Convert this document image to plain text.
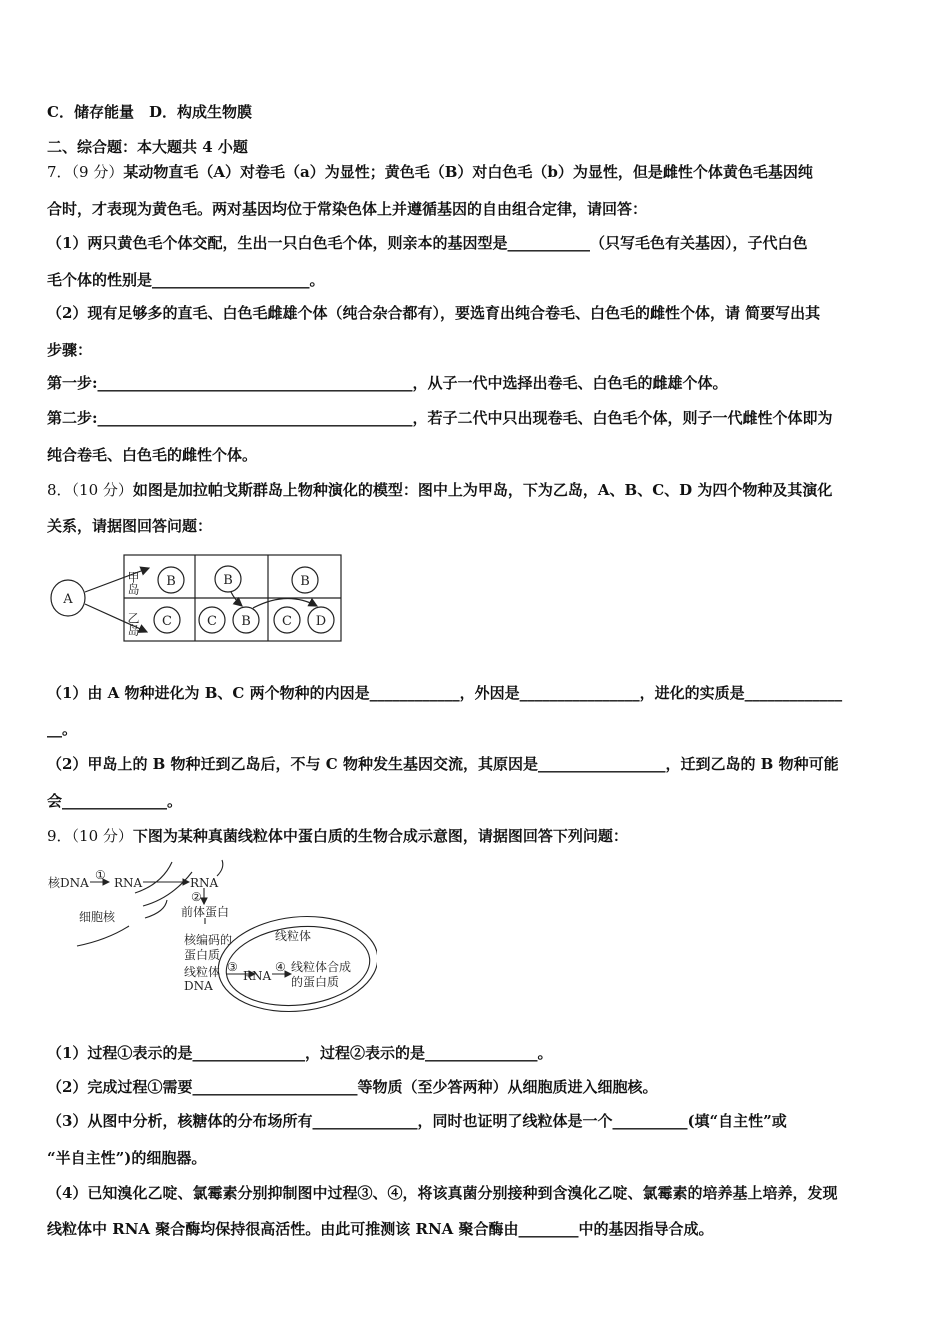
C．储存能量　D．构成生物膜
二、综合题：本大题共 4 小题
7．（9 分）某动物直毛（A）对卷毛（a）为显性；黄色毛（B）对白色毛（b）为显性，但是雌性个体黄色毛基因纯
合时，才表现为黄色毛。两对基因均位于常染色体上并遵循基因的自由组合定律，请回答：
（1）两只黄色毛个体交配，生出一只白色毛个体，则亲本的基因型是___________（只写毛色有关基因），子代白色
毛个体的性别是_____________________。
（2）现有足够多的直毛、白色毛雌雄个体（纯合杂合都有），要选育出纯合卷毛、白色毛的雌性个体，请 简要写出其
步骤：
第一步:__________________________________________，从子一代中选择出卷毛、白色毛的雌雄个体。
第二步:__________________________________________，若子二代中只出现卷毛、白色毛个体，则子一代雌性个体即为
纯合卷毛、白色毛的雌性个体。
8．（10 分）如图是加拉帕戈斯群岛上物种演化的模型：图中上为甲岛，下为乙岛，A、B、C、D 为四个物种及其演化
关系，请据图回答问题：
A
B	B	B
C	C B C D
甲岛
乙岛
（1）由 A 物种进化为 B、C 两个物种的内因是____________，外因是________________，进化的实质是_____________
__。
（2）甲岛上的 B 物种迁到乙岛后，不与 C 物种发生基因交流，其原因是_________________，迁到乙岛的 B 物种可能
会______________。
9．（10 分）下图为某种真菌线粒体中蛋白质的生物合成示意图，请据图回答下列问题：
核DNA
①
RNA	RNA
②
前体蛋白
细胞核
线粒体
核编码的
蛋白质
线粒体
DNA
③
RNA
④ 线粒体合成
的蛋白质
（1）过程①表示的是_______________，过程②表示的是_______________。
（2）完成过程①需要______________________等物质（至少答两种）从细胞质进入细胞核。
（3）从图中分析，核糖体的分布场所有______________，同时也证明了线粒体是一个__________(填“自主性”或
“半自主性”)的细胞器。
（4）已知溴化乙啶、氯霉素分别抑制图中过程③、④，将该真菌分别接种到含溴化乙啶、氯霉素的培养基上培养，发现
线粒体中 RNA 聚合酶均保持很高活性。由此可推测该 RNA 聚合酶由________中的基因指导合成。
